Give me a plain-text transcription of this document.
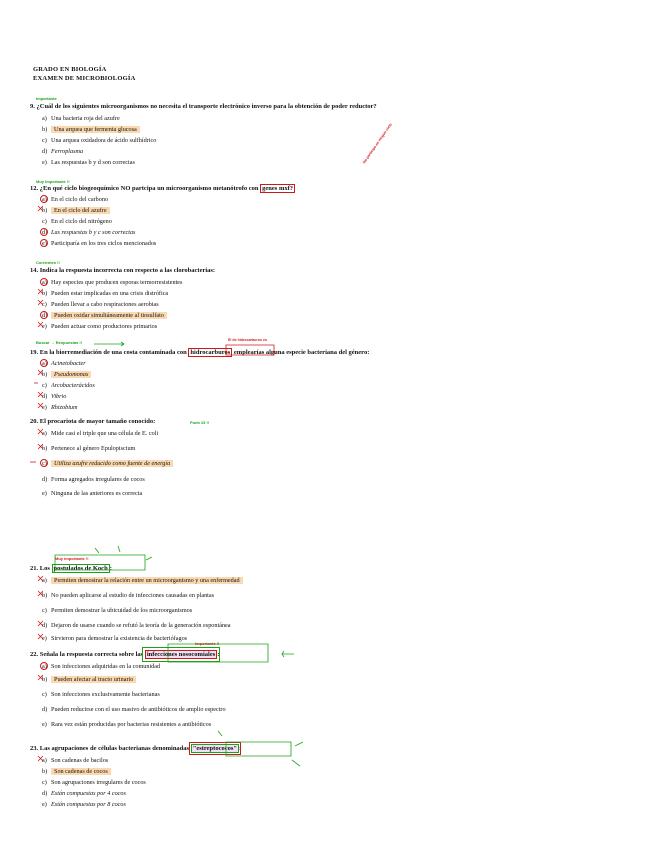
GRADO EN BIOLOGÍA
EXAMEN DE MICROBIOLOGÍA
Importante
9. ¿Cuál de los siguientes microorganismos no necesita el transporte electrónico inverso para la obtención de poder reductor?
a) Una bacteria roja del azufre
b) Una arquea que fermenta glucosa
c) Una arquea oxidadora de ácido sulfhídrico
d) Ferroplasma
e) Las respuestas b y d son correctas
Muy importante !!
12. ¿En qué ciclo biogeoquímico NO partcipa un microorganismo metanótrofo con genes mxf?
No participa en ningún ciclo
a) En el ciclo del carbono
b) En el ciclo del azufre
c) En el ciclo del nitrógeno
d) Las respuestas b y c son correctas
e) Participaría en los tres ciclos mencionados
Corrientes !!
14. Indica la respuesta incorrecta con respecto a las clorobacterias:
a) Hay especies que producen esporas termorresistentes
b) Pueden estar implicadas en una crisis distrófica
c) Pueden llevar a cabo respiraciones aerobias
d) Pueden oxidar simultáneamente al tiosulfato
e) Pueden actuar como productores primarios
Buscar → Respuestas !!	El de hidrocarburos es
19. En la biorremediación de una costa contaminada con hidrocarburos emplearías alguna especie bacteriana del género:
a) Acinetobacter
b) Pseudomonas
c) Arcobacterácidos
d) Vibrio
e) Rhizobium
20. El procariota de mayor tamaño conocido:	Pueb 15 !!
a) Mide casi el triple que una célula de E. coli
b) Pertenece al género Epulopiscium
c) Utiliza azufre reducido como fuente de energía
d) Forma agregados irregulares de cocos
e) Ninguna de las anteriores es correcta
Muy importante !!
21. Los postulados de Koch :
a) Permiten demostrar la relación entre un microorganismo y una enfermedad
b) No pueden aplicarse al estudio de infecciones causadas en plantas
c) Permiten demostrar la ubicuidad de los microorganismos
d) Dejaron de usarse cuando se refutó la teoría de la generación espontánea
e) Sirvieron para demostrar la existencia de bacteriófagos
Importante !!
22. Señala la respuesta correcta sobre las infecciones nosocomiales :
a) Son infecciones adquiridas en la comunidad
b) Pueden afectar al tracto urinario
c) Son infecciones exclusivamente bacterianas
d) Pueden reducirse con el uso masivo de antibióticos de amplio espectro
e) Rara vez están producidas por bacterias resistentes a antibióticos
23. Las agrupaciones de células bacterianas denominadas "estreptococos" :
a) Son cadenas de bacilos
b) Son cadenas de cocos
c) Son agrupaciones irregulares de cocos
d) Están compuestas por 4 cocos
e) Están compuestas por 8 cocos
